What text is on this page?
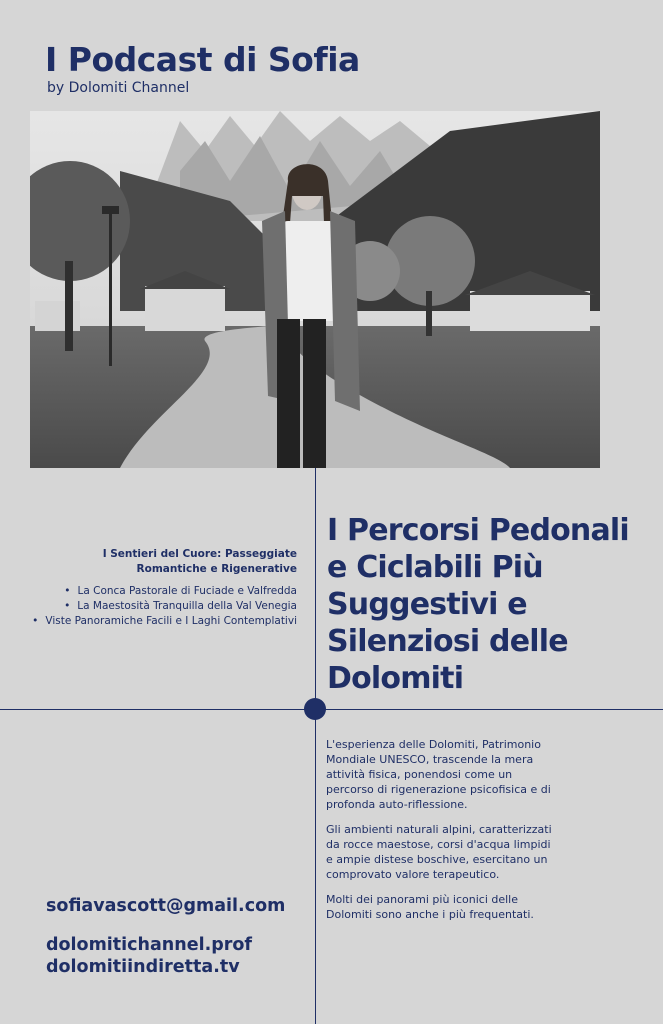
I Podcast di Sofia
by Dolomiti Channel
I Sentieri del Cuore: Passeggiate Romantiche e Rigenerative
• La Conca Pastorale di Fuciade e Valfredda
• La Maestosità Tranquilla della Val Venegia
• Viste Panoramiche Facili e I Laghi Contemplativi
I Percorsi Pedonali e Ciclabili Più Suggestivi e Silenziosi delle Dolomiti

L'esperienza delle Dolomiti, Patrimonio Mondiale UNESCO, trascende la mera attività fisica, ponendosi come un percorso di rigenerazione psicofisica e di profonda auto-riflessione.

Gli ambienti naturali alpini, caratterizzati da rocce maestose, corsi d'acqua limpidi e ampie distese boschive, esercitano un comprovato valore terapeutico.

Molti dei panorami più iconici delle Dolomiti sono anche i più frequentati.

sofiavascott@gmail.com
dolomitichannel.prof
dolomitiindiretta.tv
